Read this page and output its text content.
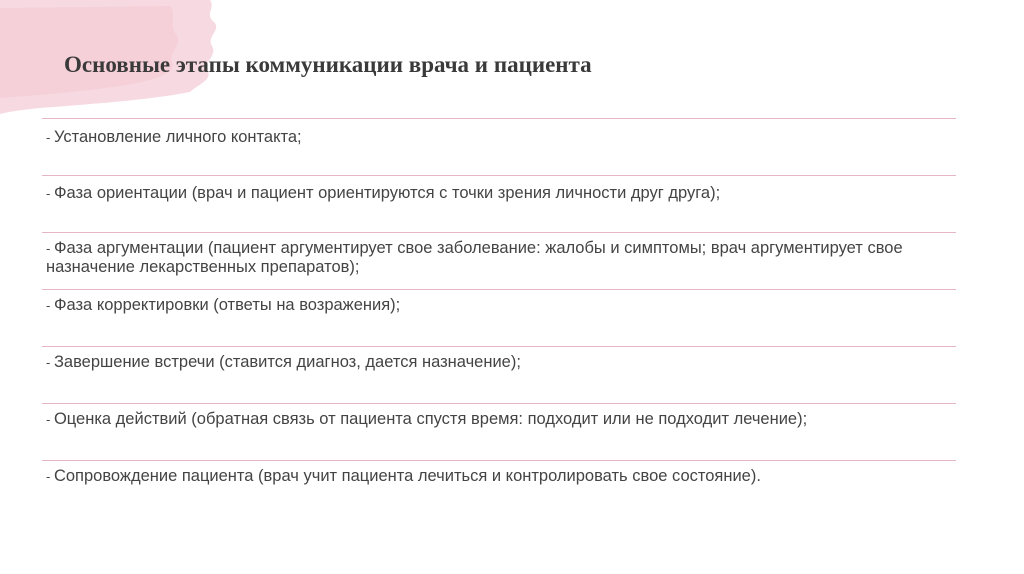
Основные этапы коммуникации врача и пациента
- Установление личного контакта;
- Фаза ориентации (врач и пациент ориентируются с точки зрения личности друг друга);
- Фаза аргументации (пациент аргументирует свое заболевание: жалобы и симптомы; врач аргументирует свое назначение лекарственных препаратов);
- Фаза корректировки (ответы на возражения);
- Завершение встречи (ставится диагноз, дается назначение);
- Оценка действий (обратная связь от пациента спустя время: подходит или не подходит лечение);
- Сопровождение пациента (врач учит пациента лечиться и контролировать свое состояние).
